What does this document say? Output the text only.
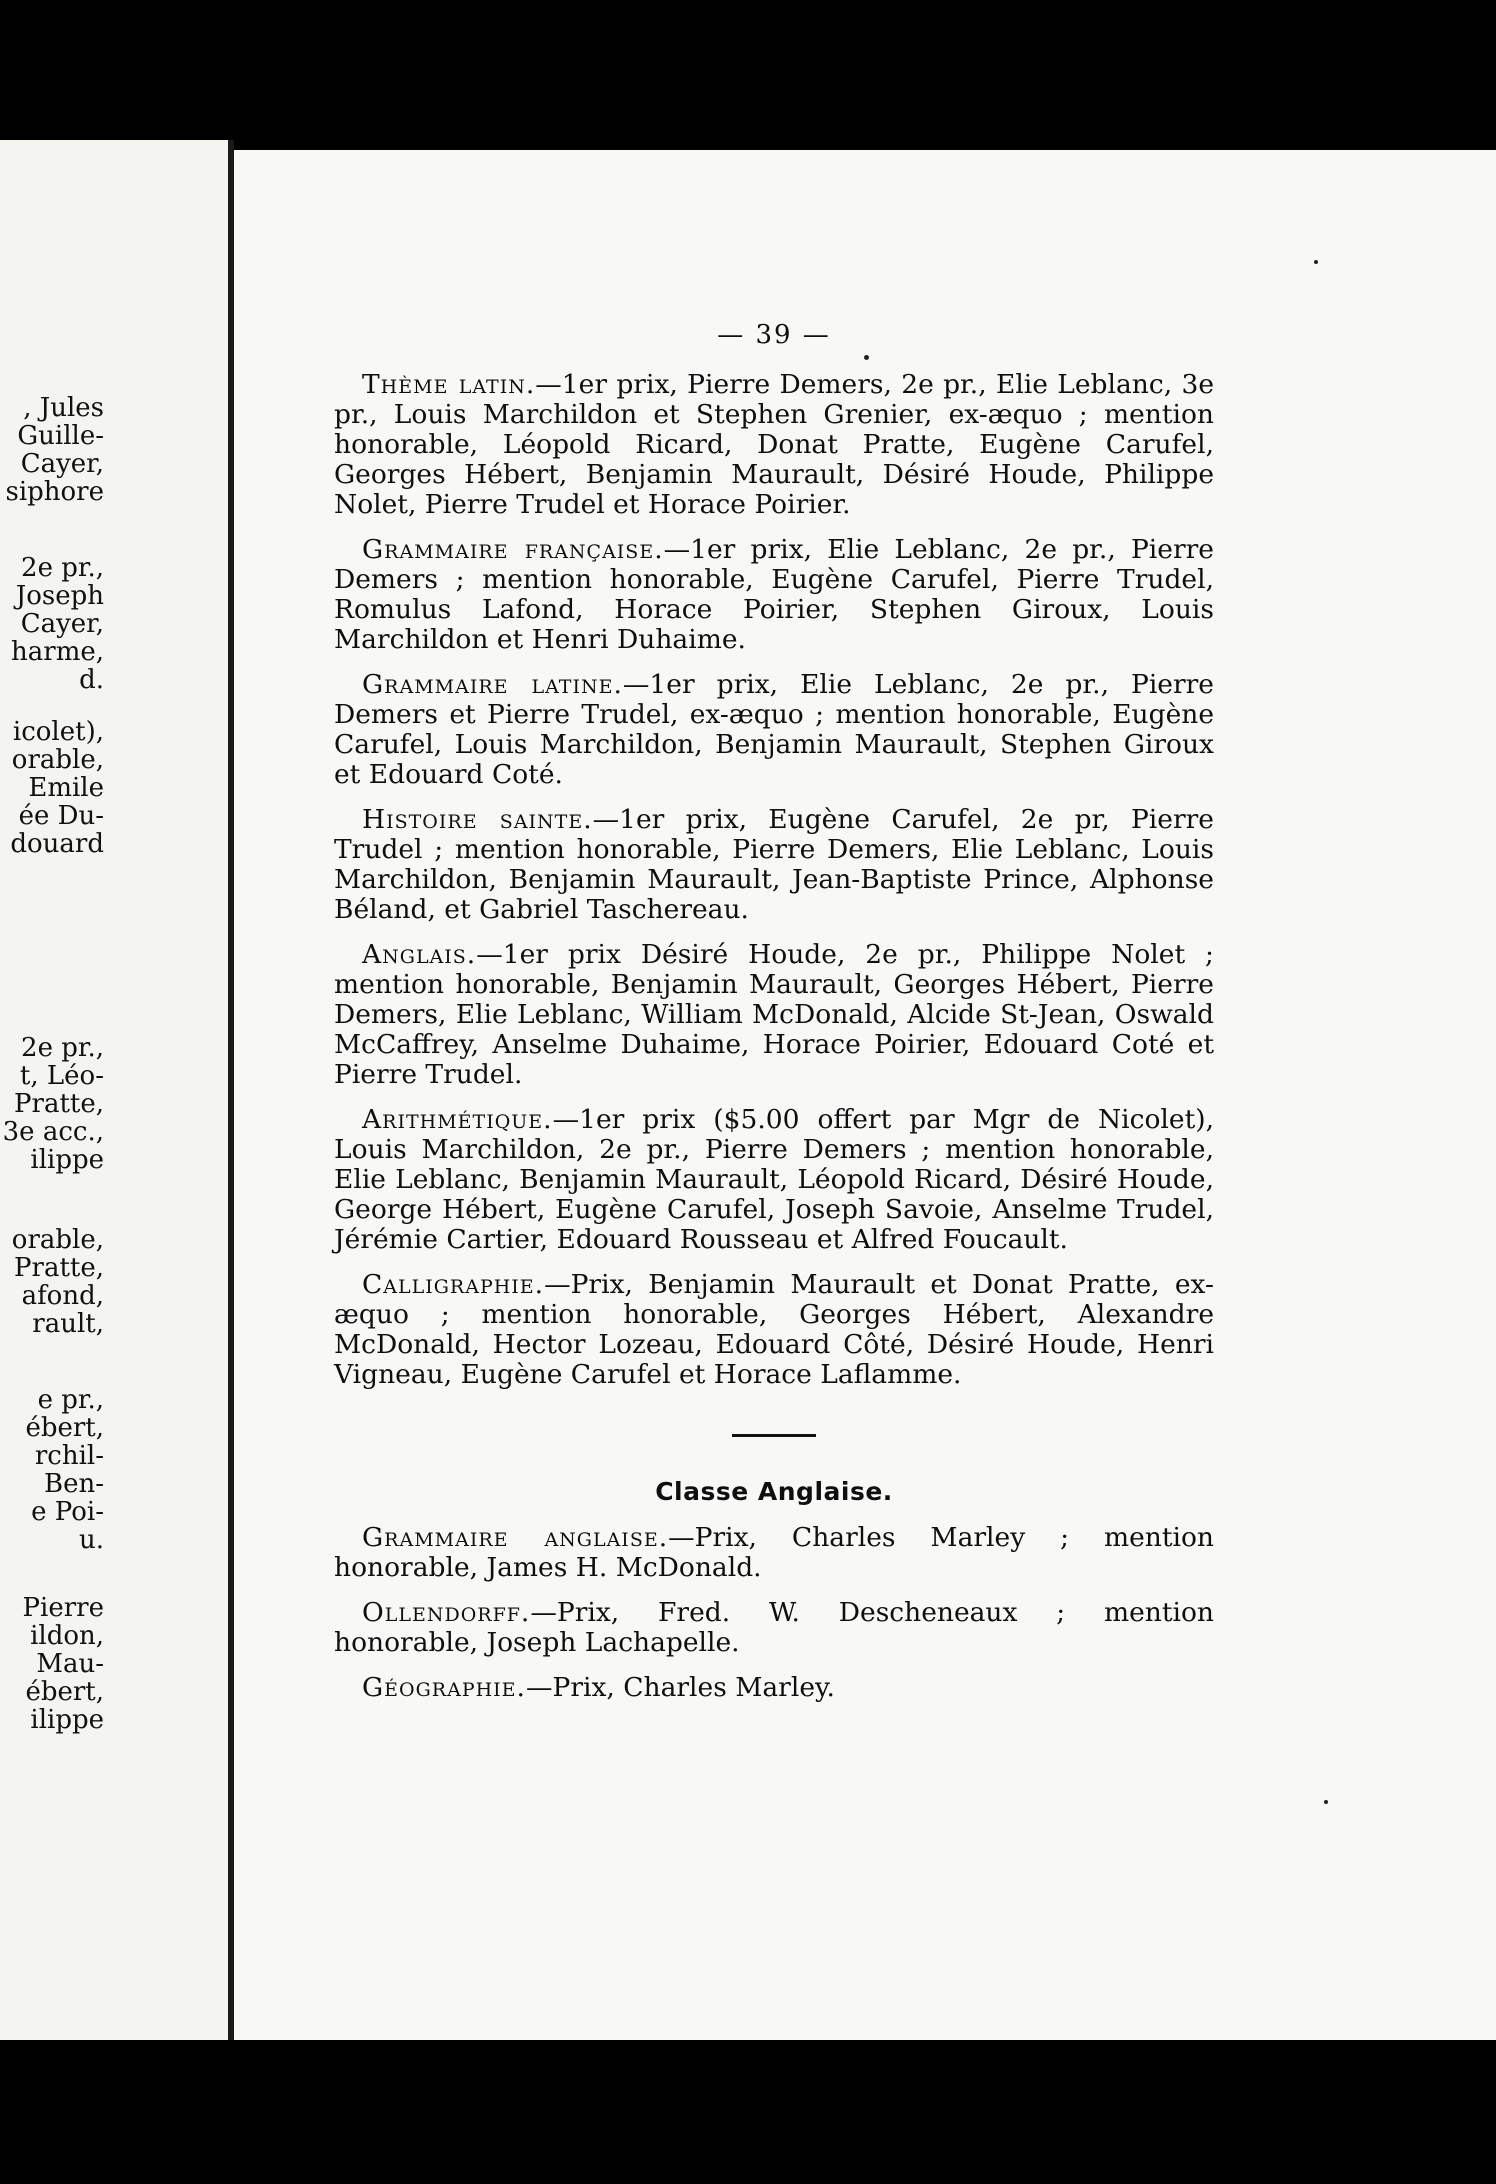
, Jules
Guille-
Cayer,
siphore
2e pr.,
Joseph
Cayer,
harme,
d.
icolet),
orable,
Emile
ée Du-
douard
2e pr.,
t, Léo-
Pratte,
3e acc.,
ilippe
orable,
Pratte,
afond,
rault,
e pr.,
ébert,
rchil-
Ben-
e Poi-
u.
Pierre
ildon,
Mau-
ébert,
ilippe
— 39 —

Thème latin.—1er prix, Pierre Demers, 2e pr., Elie Leblanc, 3e pr., Louis Marchildon et Stephen Grenier, ex-æquo ; mention honorable, Léopold Ricard, Donat Pratte, Eugène Carufel, Georges Hébert, Benjamin Maurault, Désiré Houde, Philippe Nolet, Pierre Trudel et Horace Poirier.

Grammaire française.—1er prix, Elie Leblanc, 2e pr., Pierre Demers ; mention honorable, Eugène Carufel, Pierre Trudel, Romulus Lafond, Horace Poirier, Stephen Giroux, Louis Marchildon et Henri Duhaime.

Grammaire latine.—1er prix, Elie Leblanc, 2e pr., Pierre Demers et Pierre Trudel, ex-æquo ; mention honorable, Eugène Carufel, Louis Marchildon, Benjamin Maurault, Stephen Giroux et Edouard Coté.

Histoire sainte.—1er prix, Eugène Carufel, 2e pr, Pierre Trudel ; mention honorable, Pierre Demers, Elie Leblanc, Louis Marchildon, Benjamin Maurault, Jean-Baptiste Prince, Alphonse Béland, et Gabriel Taschereau.

Anglais.—1er prix Désiré Houde, 2e pr., Philippe Nolet ; mention honorable, Benjamin Maurault, Georges Hébert, Pierre Demers, Elie Leblanc, William McDonald, Alcide St-Jean, Oswald McCaffrey, Anselme Duhaime, Horace Poirier, Edouard Coté et Pierre Trudel.

Arithmétique.—1er prix ($5.00 offert par Mgr de Nicolet), Louis Marchildon, 2e pr., Pierre Demers ; mention honorable, Elie Leblanc, Benjamin Maurault, Léopold Ricard, Désiré Houde, George Hébert, Eugène Carufel, Joseph Savoie, Anselme Trudel, Jérémie Cartier, Edouard Rousseau et Alfred Foucault.

Calligraphie.—Prix, Benjamin Maurault et Donat Pratte, ex-æquo ; mention honorable, Georges Hébert, Alexandre McDonald, Hector Lozeau, Edouard Côté, Désiré Houde, Henri Vigneau, Eugène Carufel et Horace Laflamme.

Classe Anglaise.

Grammaire anglaise.—Prix, Charles Marley ; mention honorable, James H. McDonald.

Ollendorff.—Prix, Fred. W. Descheneaux ; mention honorable, Joseph Lachapelle.

Géographie.—Prix, Charles Marley.
